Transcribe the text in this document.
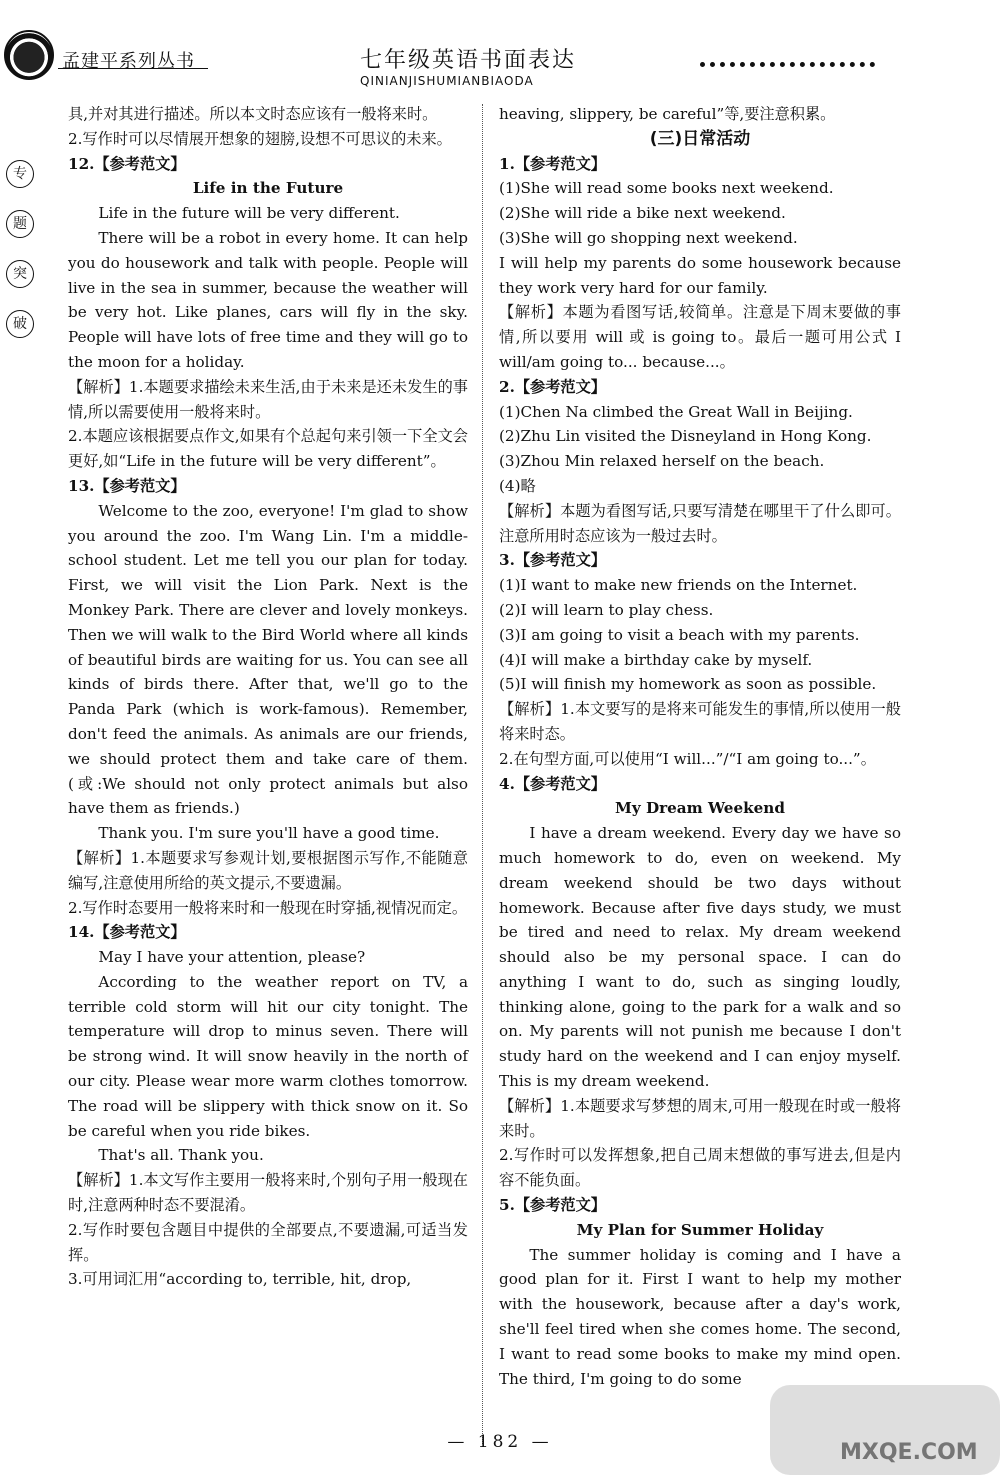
孟建平系列丛书	七年级英语书面表达
QINIANJISHUMIANBIAODA
专
题
突
破

具,并对其进行描述。所以本文时态应该有一般将来时。

2.写作时可以尽情展开想象的翅膀,设想不可思议的未来。

12.【参考范文】

Life in the Future

Life in the future will be very different.

There will be a robot in every home. It can help you do housework and talk with people. People will live in the sea in summer, because the weather will be very hot. Like planes, cars will fly in the sky. People will have lots of free time and they will go to the moon for a holiday.

【解析】1.本题要求描绘未来生活,由于未来是还未发生的事情,所以需要使用一般将来时。

2.本题应该根据要点作文,如果有个总起句来引领一下全文会更好,如“Life in the future will be very different”。

13.【参考范文】

Welcome to the zoo, everyone! I'm glad to show you around the zoo. I'm Wang Lin. I'm a middle-school student. Let me tell you our plan for today. First, we will visit the Lion Park. Next is the Monkey Park. There are clever and lovely monkeys. Then we will walk to the Bird World where all kinds of beautiful birds are waiting for us. You can see all kinds of birds there. After that, we'll go to the Panda Park (which is work-famous). Remember, don't feed the animals. As animals are our friends, we should protect them and take care of them.(或:We should not only protect animals but also have them as friends.)

Thank you. I'm sure you'll have a good time.

【解析】1.本题要求写参观计划,要根据图示写作,不能随意编写,注意使用所给的英文提示,不要遗漏。

2.写作时态要用一般将来时和一般现在时穿插,视情况而定。

14.【参考范文】

May I have your attention, please?

According to the weather report on TV, a terrible cold storm will hit our city tonight. The temperature will drop to minus seven. There will be strong wind. It will snow heavily in the north of our city. Please wear more warm clothes tomorrow. The road will be slippery with thick snow on it. So be careful when you ride bikes.

That's all. Thank you.

【解析】1.本文写作主要用一般将来时,个别句子用一般现在时,注意两种时态不要混淆。

2.写作时要包含题目中提供的全部要点,不要遗漏,可适当发挥。

3.可用词汇用“according to, terrible, hit, drop,

heaving, slippery, be careful”等,要注意积累。

(三)日常活动

1.【参考范文】

(1)She will read some books next weekend.

(2)She will ride a bike next weekend.

(3)She will go shopping next weekend.

I will help my parents do some housework because they work very hard for our family.

【解析】本题为看图写话,较简单。注意是下周末要做的事情,所以要用 will 或 is going to。最后一题可用公式 I will/am going to... because...。

2.【参考范文】

(1)Chen Na climbed the Great Wall in Beijing.

(2)Zhu Lin visited the Disneyland in Hong Kong.

(3)Zhou Min relaxed herself on the beach.

(4)略

【解析】本题为看图写话,只要写清楚在哪里干了什么即可。注意所用时态应该为一般过去时。

3.【参考范文】

(1)I want to make new friends on the Internet.

(2)I will learn to play chess.

(3)I am going to visit a beach with my parents.

(4)I will make a birthday cake by myself.

(5)I will finish my homework as soon as possible.

【解析】1.本文要写的是将来可能发生的事情,所以使用一般将来时态。

2.在句型方面,可以使用“I will...”/“I am going to...”。

4.【参考范文】

My Dream Weekend

I have a dream weekend. Every day we have so much homework to do, even on weekend. My dream weekend should be two days without homework. Because after five days study, we must be tired and need to relax. My dream weekend should also be my personal space. I can do anything I want to do, such as singing loudly, thinking alone, going to the park for a walk and so on. My parents will not punish me because I don't study hard on the weekend and I can enjoy myself. This is my dream weekend.

【解析】1.本题要求写梦想的周末,可用一般现在时或一般将来时。

2.写作时可以发挥想象,把自己周末想做的事写进去,但是内容不能负面。

5.【参考范文】

My Plan for Summer Holiday

The summer holiday is coming and I have a good plan for it. First I want to help my mother with the housework, because after a day's work, she'll feel tired when she comes home. The second, I want to read some books to make my mind open. The third, I'm going to do some

— 182 —	MXQE.COM
